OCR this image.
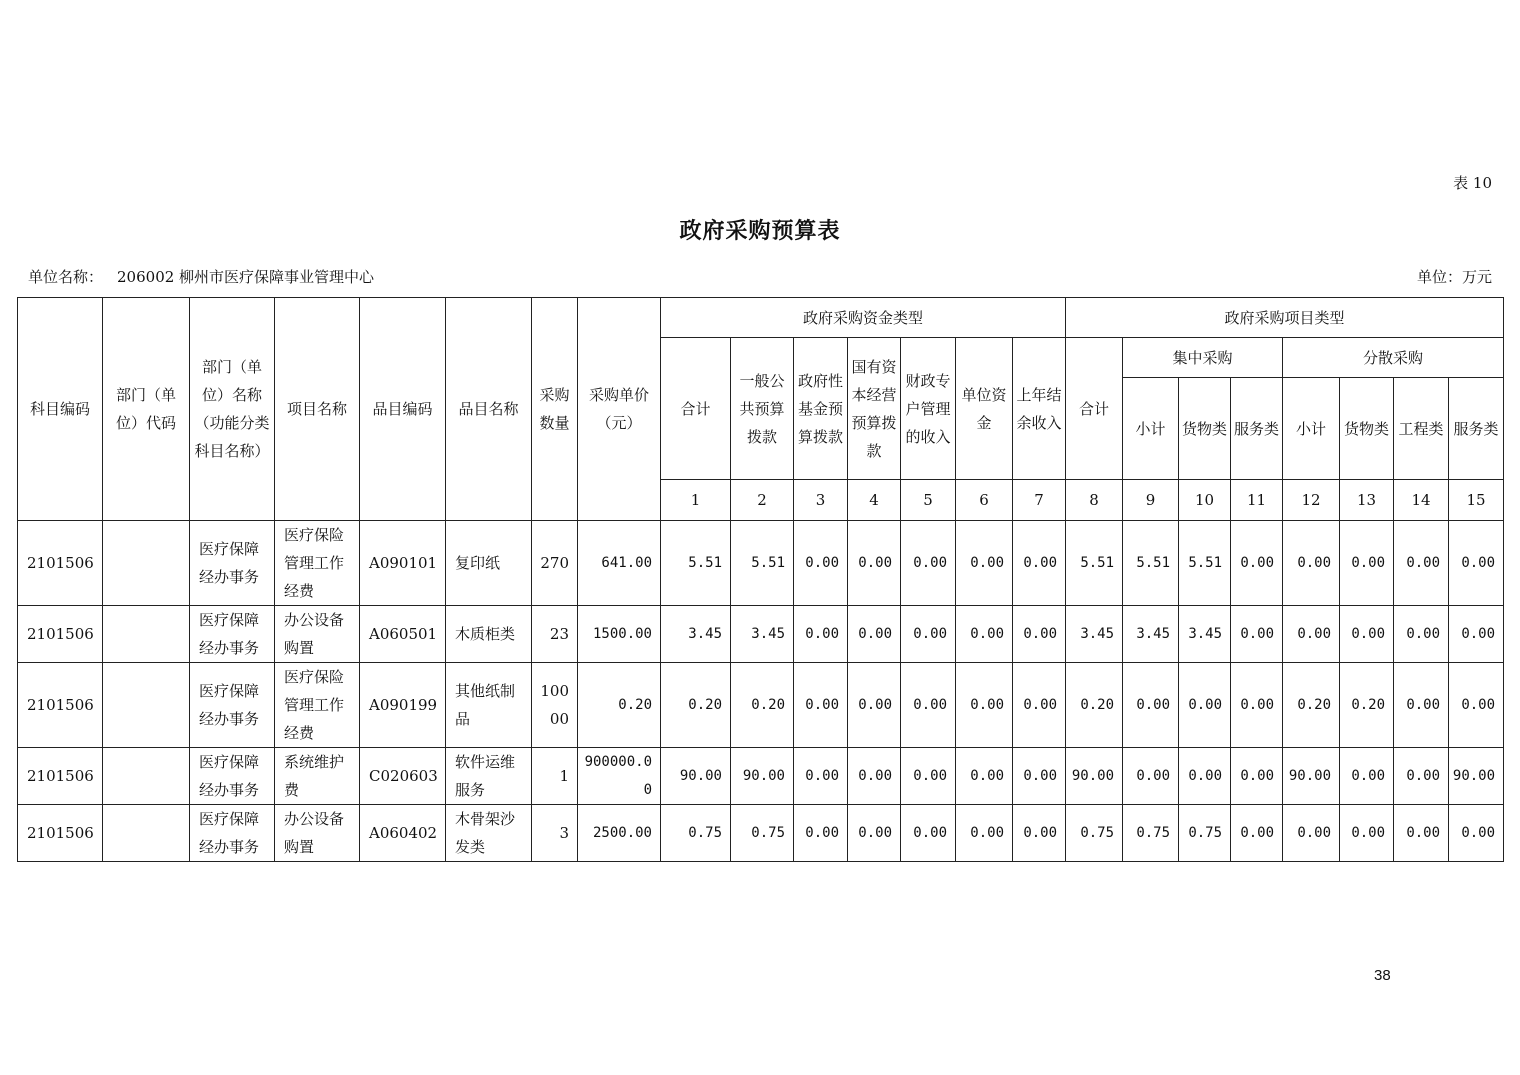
表 10
政府采购预算表
单位名称： 206002 柳州市医疗保障事业管理中心	单位：万元
科目编码	部门（单位）代码	部门（单位）名称（功能分类科目名称）	项目名称	品目编码	品目名称	采购数量	采购单价（元）	政府采购资金类型							政府采购项目类型							
								合计	一般公共预算拨款	政府性基金预算拨款	国有资本经营预算拨款	财政专户管理的收入	单位资金	上年结余收入	合计	集中采购			分散采购			
																小计	货物类	服务类	小计	货物类	工程类	服务类
								1	2	3	4	5	6	7	8	9	10	11	12	13	14	15
2101506		医疗保障经办事务	医疗保险管理工作经费	A090101	复印纸	270	641.00	5.51	5.51	0.00	0.00	0.00	0.00	0.00	5.51	5.51	5.51	0.00	0.00	0.00	0.00	0.00
2101506		医疗保障经办事务	办公设备购置	A060501	木质柜类	23	1500.00	3.45	3.45	0.00	0.00	0.00	0.00	0.00	3.45	3.45	3.45	0.00	0.00	0.00	0.00	0.00
2101506		医疗保障经办事务	医疗保险管理工作经费	A090199	其他纸制品	10000	0.20	0.20	0.20	0.00	0.00	0.00	0.00	0.00	0.20	0.00	0.00	0.00	0.20	0.20	0.00	0.00
2101506		医疗保障经办事务	系统维护费	C020603	软件运维服务	1	900000.00	90.00	90.00	0.00	0.00	0.00	0.00	0.00	90.00	0.00	0.00	0.00	90.00	0.00	0.00	90.00
2101506		医疗保障经办事务	办公设备购置	A060402	木骨架沙发类	3	2500.00	0.75	0.75	0.00	0.00	0.00	0.00	0.00	0.75	0.75	0.75	0.00	0.00	0.00	0.00	0.00
38
